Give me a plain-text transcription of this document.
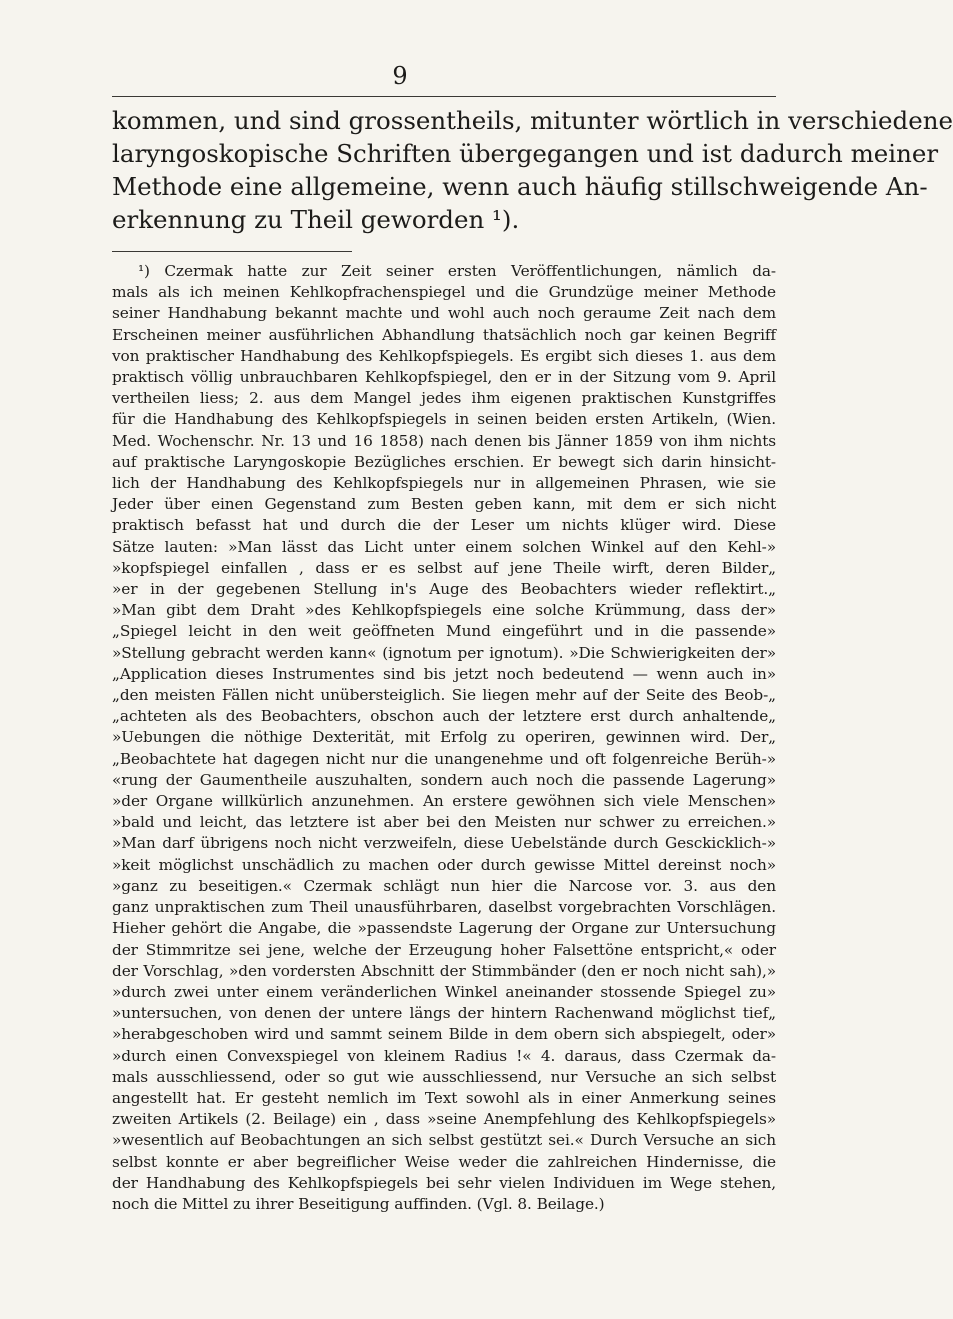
9
kommen, und sind grossentheils, mitunter wörtlich in verschiedene
laryngoskopische Schriften übergegangen und ist dadurch meiner
Methode eine allgemeine, wenn auch häufig stillschweigende An-
erkennung zu Theil geworden ¹).
¹) Czermak hatte zur Zeit seiner ersten Veröffentlichungen, nämlich da-
mals als ich meinen Kehlkopfrachenspiegel und die Grundzüge meiner Methode
seiner Handhabung bekannt machte und wohl auch noch geraume Zeit nach dem
Erscheinen meiner ausführlichen Abhandlung thatsächlich noch gar keinen Begriff
von praktischer Handhabung des Kehlkopfspiegels. Es ergibt sich dieses 1. aus dem
praktisch völlig unbrauchbaren Kehlkopfspiegel, den er in der Sitzung vom 9. April
vertheilen liess; 2. aus dem Mangel jedes ihm eigenen praktischen Kunstgriffes
für die Handhabung des Kehlkopfspiegels in seinen beiden ersten Artikeln, (Wien.
Med. Wochenschr. Nr. 13 und 16 1858) nach denen bis Jänner 1859 von ihm nichts
auf praktische Laryngoskopie Bezügliches erschien. Er bewegt sich darin hinsicht-
lich der Handhabung des Kehlkopfspiegels nur in allgemeinen Phrasen, wie sie
Jeder über einen Gegenstand zum Besten geben kann, mit dem er sich nicht
praktisch befasst hat und durch die der Leser um nichts klüger wird. Diese
Sätze lauten: »Man lässt das Licht unter einem solchen Winkel auf den Kehl-»
»kopfspiegel einfallen , dass er es selbst auf jene Theile wirft, deren Bilder„
»er in der gegebenen Stellung in's Auge des Beobachters wieder reflektirt.„
»Man gibt dem Draht »des Kehlkopfspiegels eine solche Krümmung, dass der»
„Spiegel leicht in den weit geöffneten Mund eingeführt und in die passende»
»Stellung gebracht werden kann« (ignotum per ignotum). »Die Schwierigkeiten der»
„Application dieses Instrumentes sind bis jetzt noch bedeutend — wenn auch in»
„den meisten Fällen nicht unübersteiglich. Sie liegen mehr auf der Seite des Beob-„
„achteten als des Beobachters, obschon auch der letztere erst durch anhaltende„
»Uebungen die nöthige Dexterität, mit Erfolg zu operiren, gewinnen wird. Der„
„Beobachtete hat dagegen nicht nur die unangenehme und oft folgenreiche Berüh-»
«rung der Gaumentheile auszuhalten, sondern auch noch die passende Lagerung»
»der Organe willkürlich anzunehmen. An erstere gewöhnen sich viele Menschen»
»bald und leicht, das letztere ist aber bei den Meisten nur schwer zu erreichen.»
»Man darf übrigens noch nicht verzweifeln, diese Uebelstände durch Gesckicklich-»
»keit möglichst unschädlich zu machen oder durch gewisse Mittel dereinst noch»
»ganz zu beseitigen.« Czermak schlägt nun hier die Narcose vor. 3. aus den
ganz unpraktischen zum Theil unausführbaren, daselbst vorgebrachten Vorschlägen.
Hieher gehört die Angabe, die »passendste Lagerung der Organe zur Untersuchung
der Stimmritze sei jene, welche der Erzeugung hoher Falsettöne entspricht,« oder
der Vorschlag, »den vordersten Abschnitt der Stimmbänder (den er noch nicht sah),»
»durch zwei unter einem veränderlichen Winkel aneinander stossende Spiegel zu»
»untersuchen, von denen der untere längs der hintern Rachenwand möglichst tief„
»herabgeschoben wird und sammt seinem Bilde in dem obern sich abspiegelt, oder»
»durch einen Convexspiegel von kleinem Radius !« 4. daraus, dass Czermak da-
mals ausschliessend, oder so gut wie ausschliessend, nur Versuche an sich selbst
angestellt hat. Er gesteht nemlich im Text sowohl als in einer Anmerkung seines
zweiten Artikels (2. Beilage) ein , dass »seine Anempfehlung des Kehlkopfspiegels»
»wesentlich auf Beobachtungen an sich selbst gestützt sei.« Durch Versuche an sich
selbst konnte er aber begreiflicher Weise weder die zahlreichen Hindernisse, die
der Handhabung des Kehlkopfspiegels bei sehr vielen Individuen im Wege stehen,
noch die Mittel zu ihrer Beseitigung auffinden. (Vgl. 8. Beilage.)
